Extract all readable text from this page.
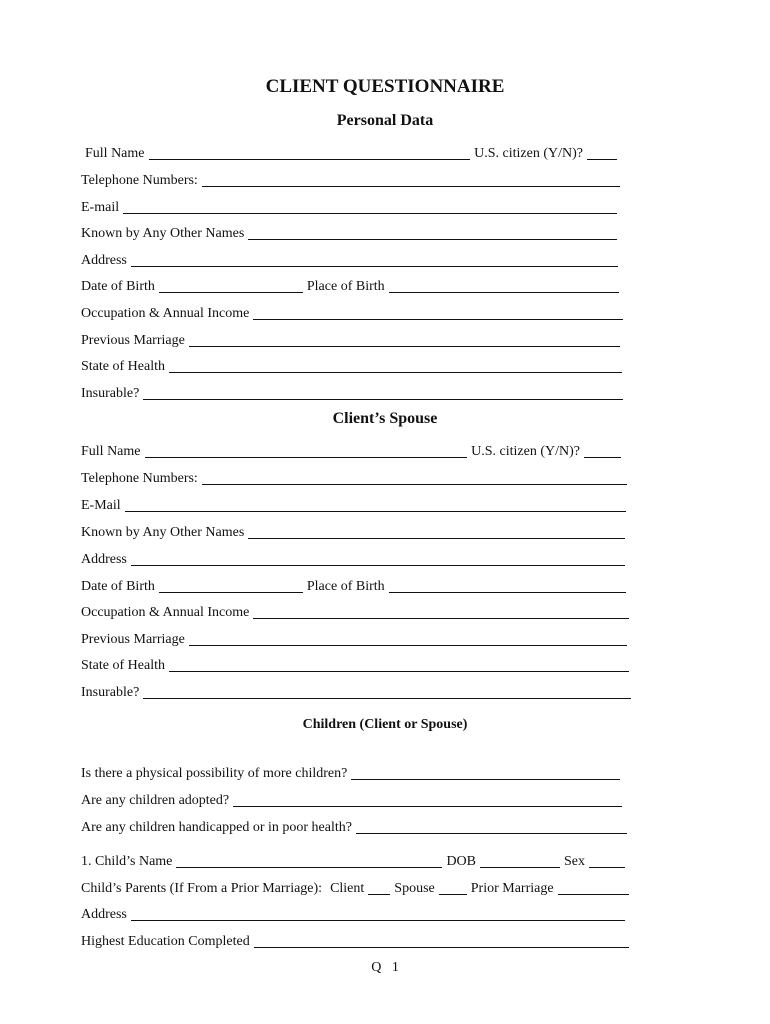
CLIENT QUESTIONNAIRE
Personal Data
Full Name	U.S. citizen (Y/N)?
Telephone Numbers:
E-mail
Known by Any Other Names
Address
Date of Birth	Place of Birth
Occupation & Annual Income
Previous Marriage
State of Health
Insurable?
Client’s Spouse
Full Name	U.S. citizen (Y/N)?
Telephone Numbers:
E-Mail
Known by Any Other Names
Address
Date of Birth	Place of Birth
Occupation & Annual Income
Previous Marriage
State of Health
Insurable?
Children (Client or Spouse)
Is there a physical possibility of more children?
Are any children adopted?
Are any children handicapped or in poor health?
1. Child’s Name	DOB	Sex
Child’s Parents (If From a Prior Marriage): Client Spouse	Prior Marriage
Address
Highest Education Completed
Q 1
